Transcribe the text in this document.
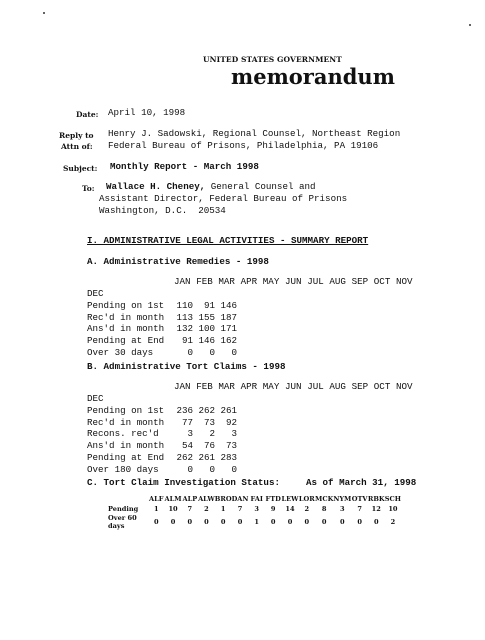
UNITED STATES GOVERNMENT
memorandum
Date: April 10, 1998
Reply to
Attn of:
Henry J. Sadowski, Regional Counsel, Northeast Region
Federal Bureau of Prisons, Philadelphia, PA 19106
Subject: Monthly Report - March 1998
To: Wallace H. Cheney, General Counsel and
Assistant Director, Federal Bureau of Prisons
Washington, D.C.  20534
I. ADMINISTRATIVE LEGAL ACTIVITIES - SUMMARY REPORT
A. Administrative Remedies - 1998
JAN FEB MAR APR MAY JUN JUL AUG SEP OCT NOV
DEC
Pending on 1st	110	91 146
Rec'd in month	113 155 187
Ans'd in month	132 100 171
Pending at End	91 146 162
Over 30 days	0	0	0
B. Administrative Tort Claims - 1998
JAN FEB MAR APR MAY JUN JUL AUG SEP OCT NOV
DEC
Pending on 1st	236 262 261
Rec'd in month	77	73	92
Recons. rec'd	3	2	3
Ans'd in month	54	76	73
Pending at End	262 261 283
Over 180 days	0	0	0
C. Tort Claim Investigation Status:	As of March 31, 1998
	ALF	ALM	ALP	ALW	BRO	DAN	FAI	FTD	LEW	LOR	MCK	NYM	OTV	RBK	SCH
Pending	1	10	7	2	1	7	3	9	14	2	8	3	7	12	10
Over 60 days	0	0	0	0	0	0	1	0	0	0	0	0	0	0	2
